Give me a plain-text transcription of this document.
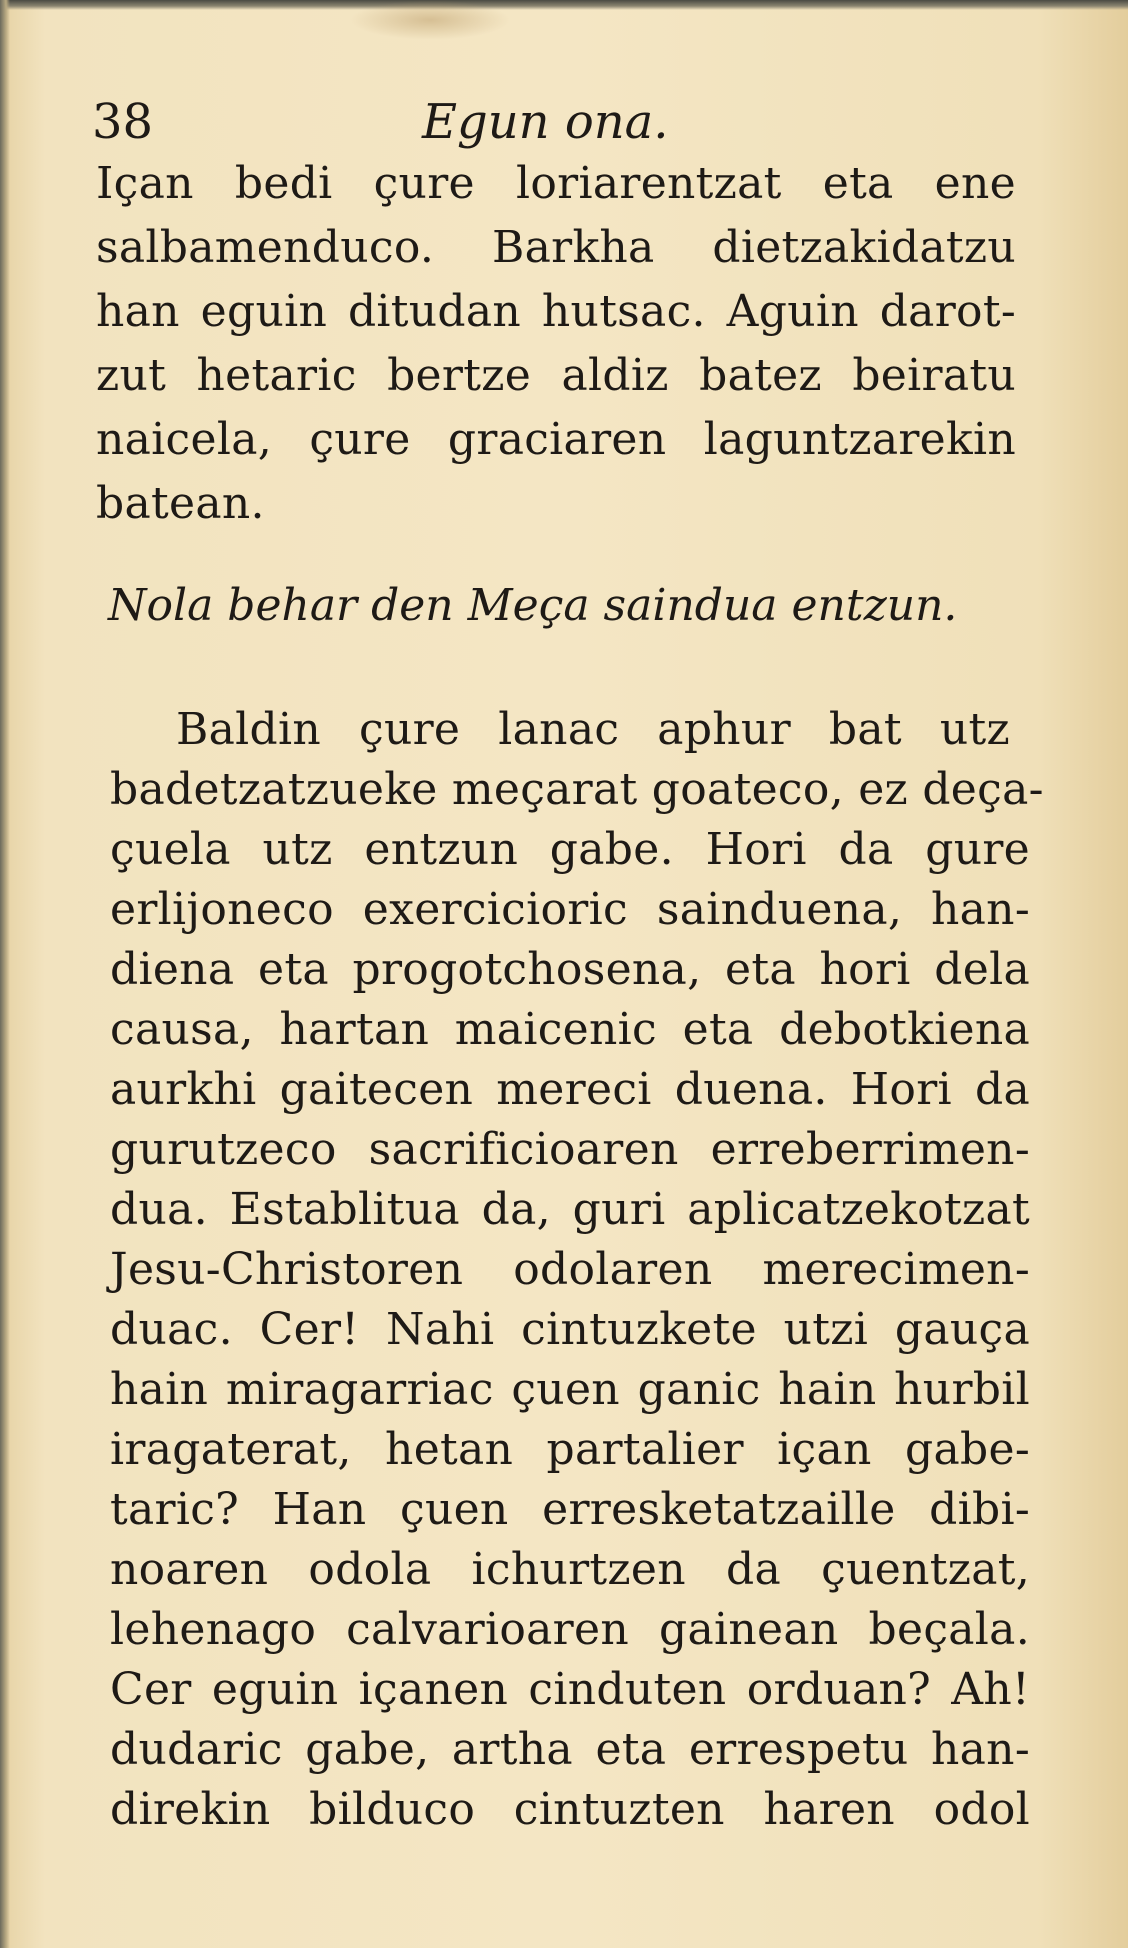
38	Egun ona.
Içan bedi çure loriarentzat eta ene
salbamenduco. Barkha dietzakidatzu
han eguin ditudan hutsac. Aguin darot-
zut hetaric bertze aldiz batez beiratu
naicela, çure graciaren laguntzarekin
batean.
Nola behar den Meça saindua entzun.
Baldin çure lanac aphur bat utz
badetzatzueke meçarat goateco, ez deça-
çuela utz entzun gabe. Hori da gure
erlijoneco exercicioric sainduena, han-
diena eta progotchosena, eta hori dela
causa, hartan maicenic eta debotkiena
aurkhi gaitecen mereci duena. Hori da
gurutzeco sacrificioaren erreberrimen-
dua. Establitua da, guri aplicatzekotzat
Jesu-Christoren odolaren merecimen-
duac. Cer! Nahi cintuzkete utzi gauça
hain miragarriac çuen ganic hain hurbil
iragaterat, hetan partalier içan gabe-
taric? Han çuen erresketatzaille dibi-
noaren odola ichurtzen da çuentzat,
lehenago calvarioaren gainean beçala.
Cer eguin içanen cinduten orduan? Ah!
dudaric gabe, artha eta errespetu han-
direkin bilduco cintuzten haren odol
